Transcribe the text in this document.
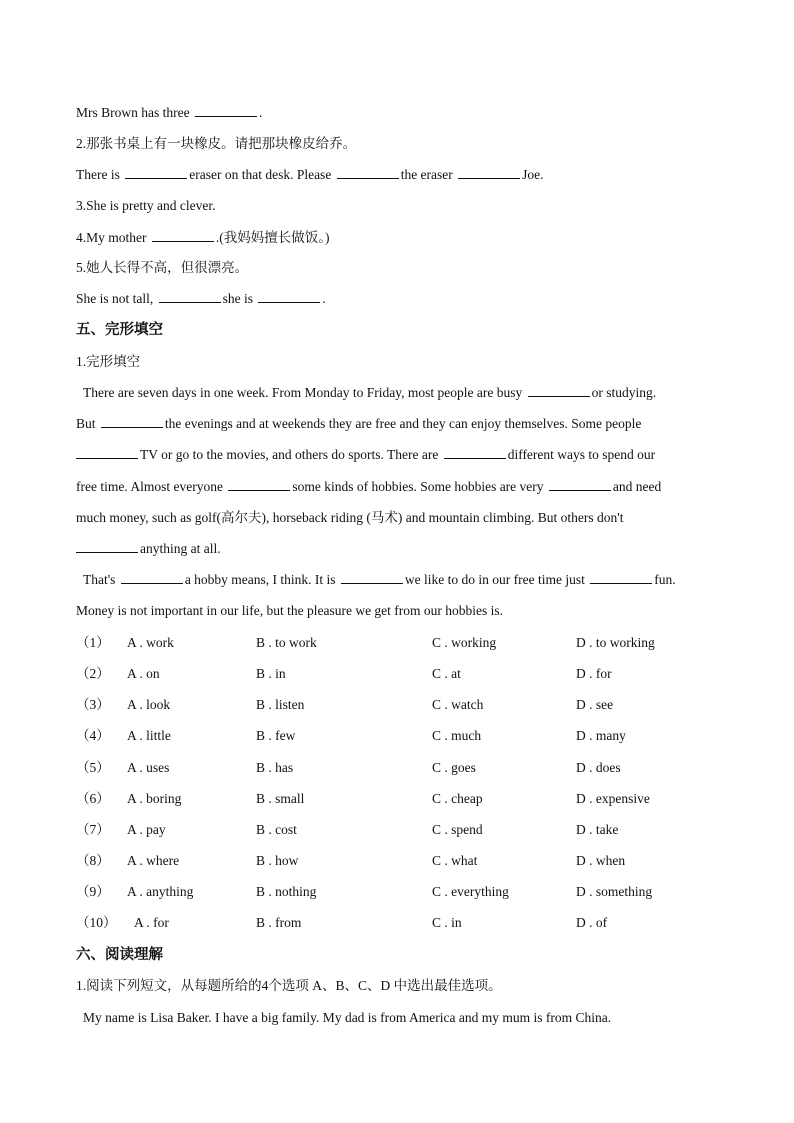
Mrs Brown has three	.
2.那张书桌上有一块橡皮。请把那块橡皮给乔。
There is	eraser on that desk. Please	the eraser	Joe.
3.She is pretty and clever.
4.My mother	.(我妈妈擅长做饭。)
5.她人长得不高，但很漂亮。
She is not tall,	she is	.
五、完形填空
1.完形填空
There are seven days in one week. From Monday to Friday, most people are busy	or studying.
But	the evenings and at weekends they are free and they can enjoy themselves. Some people
TV or go to the movies, and others do sports. There are	different ways to spend our
free time. Almost everyone	some kinds of hobbies. Some hobbies are very	and need
much money, such as golf(高尔夫), horseback riding (马术) and mountain climbing. But others don't
anything at all.
That's	a hobby means, I think. It is	we like to do in our free time just	fun.
Money is not important in our life, but the pleasure we get from our hobbies is.
（1） A . work	B . to work	C . working	D . to working
（2） A . on	B . in	C . at	D . for
（3） A . look	B . listen	C . watch	D . see
（4） A . little	B . few	C . much	D . many
（5） A . uses	B . has	C . goes	D . does
（6） A . boring	B . small	C . cheap	D . expensive
（7） A . pay	B . cost	C . spend	D . take
（8） A . where	B . how	C . what	D . when
（9） A . anything	B . nothing	C . everything	D . something
（10） A . for	B . from	C . in	D . of
六、阅读理解
1.阅读下列短文，从每题所给的4个选项 A、B、C、D 中选出最佳选项。
My name is Lisa Baker. I have a big family. My dad is from America and my mum is from China.
